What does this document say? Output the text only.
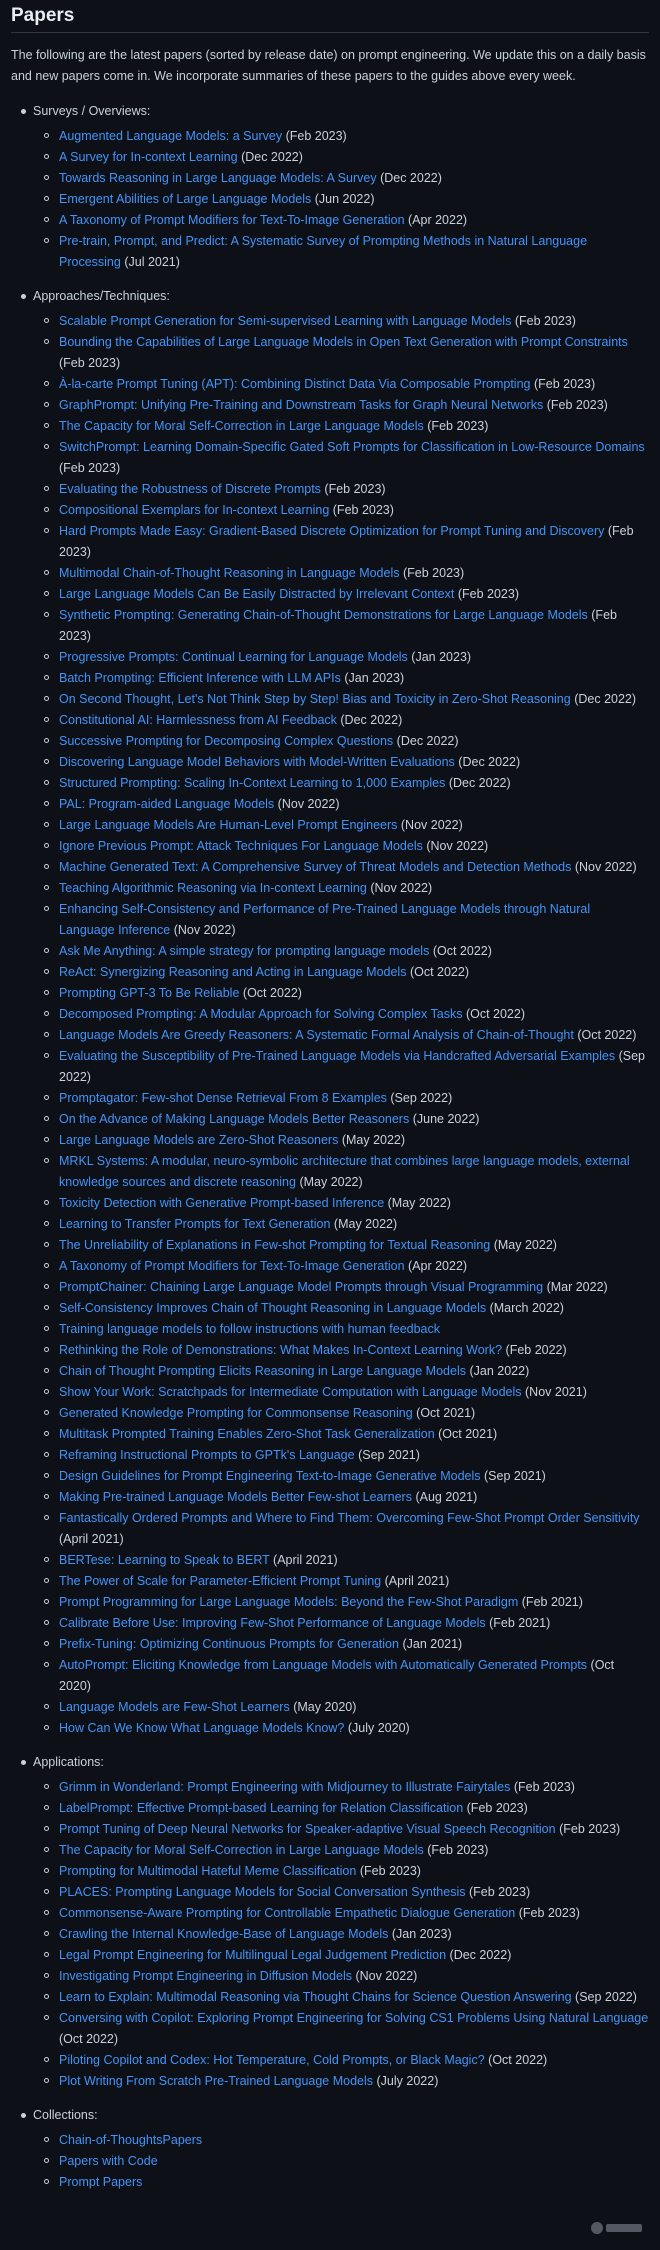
Papers

The following are the latest papers (sorted by release date) on prompt engineering. We update this on a daily basis and new papers come in. We incorporate summaries of these papers to the guides above every week.

Surveys / Overviews:
Augmented Language Models: a Survey (Feb 2023)
A Survey for In-context Learning (Dec 2022)
Towards Reasoning in Large Language Models: A Survey (Dec 2022)
Emergent Abilities of Large Language Models (Jun 2022)
A Taxonomy of Prompt Modifiers for Text-To-Image Generation (Apr 2022)
Pre-train, Prompt, and Predict: A Systematic Survey of Prompting Methods in Natural Language Processing (Jul 2021)
Approaches/Techniques:
Scalable Prompt Generation for Semi-supervised Learning with Language Models (Feb 2023)
Bounding the Capabilities of Large Language Models in Open Text Generation with Prompt Constraints (Feb 2023)
À-la-carte Prompt Tuning (APT): Combining Distinct Data Via Composable Prompting (Feb 2023)
GraphPrompt: Unifying Pre-Training and Downstream Tasks for Graph Neural Networks (Feb 2023)
The Capacity for Moral Self-Correction in Large Language Models (Feb 2023)
SwitchPrompt: Learning Domain-Specific Gated Soft Prompts for Classification in Low-Resource Domains (Feb 2023)
Evaluating the Robustness of Discrete Prompts (Feb 2023)
Compositional Exemplars for In-context Learning (Feb 2023)
Hard Prompts Made Easy: Gradient-Based Discrete Optimization for Prompt Tuning and Discovery (Feb 2023)
Multimodal Chain-of-Thought Reasoning in Language Models (Feb 2023)
Large Language Models Can Be Easily Distracted by Irrelevant Context (Feb 2023)
Synthetic Prompting: Generating Chain-of-Thought Demonstrations for Large Language Models (Feb 2023)
Progressive Prompts: Continual Learning for Language Models (Jan 2023)
Batch Prompting: Efficient Inference with LLM APIs (Jan 2023)
On Second Thought, Let's Not Think Step by Step! Bias and Toxicity in Zero-Shot Reasoning (Dec 2022)
Constitutional AI: Harmlessness from AI Feedback (Dec 2022)
Successive Prompting for Decomposing Complex Questions (Dec 2022)
Discovering Language Model Behaviors with Model-Written Evaluations (Dec 2022)
Structured Prompting: Scaling In-Context Learning to 1,000 Examples (Dec 2022)
PAL: Program-aided Language Models (Nov 2022)
Large Language Models Are Human-Level Prompt Engineers (Nov 2022)
Ignore Previous Prompt: Attack Techniques For Language Models (Nov 2022)
Machine Generated Text: A Comprehensive Survey of Threat Models and Detection Methods (Nov 2022)
Teaching Algorithmic Reasoning via In-context Learning (Nov 2022)
Enhancing Self-Consistency and Performance of Pre-Trained Language Models through Natural Language Inference (Nov 2022)
Ask Me Anything: A simple strategy for prompting language models (Oct 2022)
ReAct: Synergizing Reasoning and Acting in Language Models (Oct 2022)
Prompting GPT-3 To Be Reliable (Oct 2022)
Decomposed Prompting: A Modular Approach for Solving Complex Tasks (Oct 2022)
Language Models Are Greedy Reasoners: A Systematic Formal Analysis of Chain-of-Thought (Oct 2022)
Evaluating the Susceptibility of Pre-Trained Language Models via Handcrafted Adversarial Examples (Sep 2022)
Promptagator: Few-shot Dense Retrieval From 8 Examples (Sep 2022)
On the Advance of Making Language Models Better Reasoners (June 2022)
Large Language Models are Zero-Shot Reasoners (May 2022)
MRKL Systems: A modular, neuro-symbolic architecture that combines large language models, external knowledge sources and discrete reasoning (May 2022)
Toxicity Detection with Generative Prompt-based Inference (May 2022)
Learning to Transfer Prompts for Text Generation (May 2022)
The Unreliability of Explanations in Few-shot Prompting for Textual Reasoning (May 2022)
A Taxonomy of Prompt Modifiers for Text-To-Image Generation (Apr 2022)
PromptChainer: Chaining Large Language Model Prompts through Visual Programming (Mar 2022)
Self-Consistency Improves Chain of Thought Reasoning in Language Models (March 2022)
Training language models to follow instructions with human feedback
Rethinking the Role of Demonstrations: What Makes In-Context Learning Work? (Feb 2022)
Chain of Thought Prompting Elicits Reasoning in Large Language Models (Jan 2022)
Show Your Work: Scratchpads for Intermediate Computation with Language Models (Nov 2021)
Generated Knowledge Prompting for Commonsense Reasoning (Oct 2021)
Multitask Prompted Training Enables Zero-Shot Task Generalization (Oct 2021)
Reframing Instructional Prompts to GPTk's Language (Sep 2021)
Design Guidelines for Prompt Engineering Text-to-Image Generative Models (Sep 2021)
Making Pre-trained Language Models Better Few-shot Learners (Aug 2021)
Fantastically Ordered Prompts and Where to Find Them: Overcoming Few-Shot Prompt Order Sensitivity (April 2021)
BERTese: Learning to Speak to BERT (April 2021)
The Power of Scale for Parameter-Efficient Prompt Tuning (April 2021)
Prompt Programming for Large Language Models: Beyond the Few-Shot Paradigm (Feb 2021)
Calibrate Before Use: Improving Few-Shot Performance of Language Models (Feb 2021)
Prefix-Tuning: Optimizing Continuous Prompts for Generation (Jan 2021)
AutoPrompt: Eliciting Knowledge from Language Models with Automatically Generated Prompts (Oct 2020)
Language Models are Few-Shot Learners (May 2020)
How Can We Know What Language Models Know? (July 2020)
Applications:
Grimm in Wonderland: Prompt Engineering with Midjourney to Illustrate Fairytales (Feb 2023)
LabelPrompt: Effective Prompt-based Learning for Relation Classification (Feb 2023)
Prompt Tuning of Deep Neural Networks for Speaker-adaptive Visual Speech Recognition (Feb 2023)
The Capacity for Moral Self-Correction in Large Language Models (Feb 2023)
Prompting for Multimodal Hateful Meme Classification (Feb 2023)
PLACES: Prompting Language Models for Social Conversation Synthesis (Feb 2023)
Commonsense-Aware Prompting for Controllable Empathetic Dialogue Generation (Feb 2023)
Crawling the Internal Knowledge-Base of Language Models (Jan 2023)
Legal Prompt Engineering for Multilingual Legal Judgement Prediction (Dec 2022)
Investigating Prompt Engineering in Diffusion Models (Nov 2022)
Learn to Explain: Multimodal Reasoning via Thought Chains for Science Question Answering (Sep 2022)
Conversing with Copilot: Exploring Prompt Engineering for Solving CS1 Problems Using Natural Language (Oct 2022)
Piloting Copilot and Codex: Hot Temperature, Cold Prompts, or Black Magic? (Oct 2022)
Plot Writing From Scratch Pre-Trained Language Models (July 2022)
Collections:
Chain-of-ThoughtsPapers
Papers with Code
Prompt Papers
